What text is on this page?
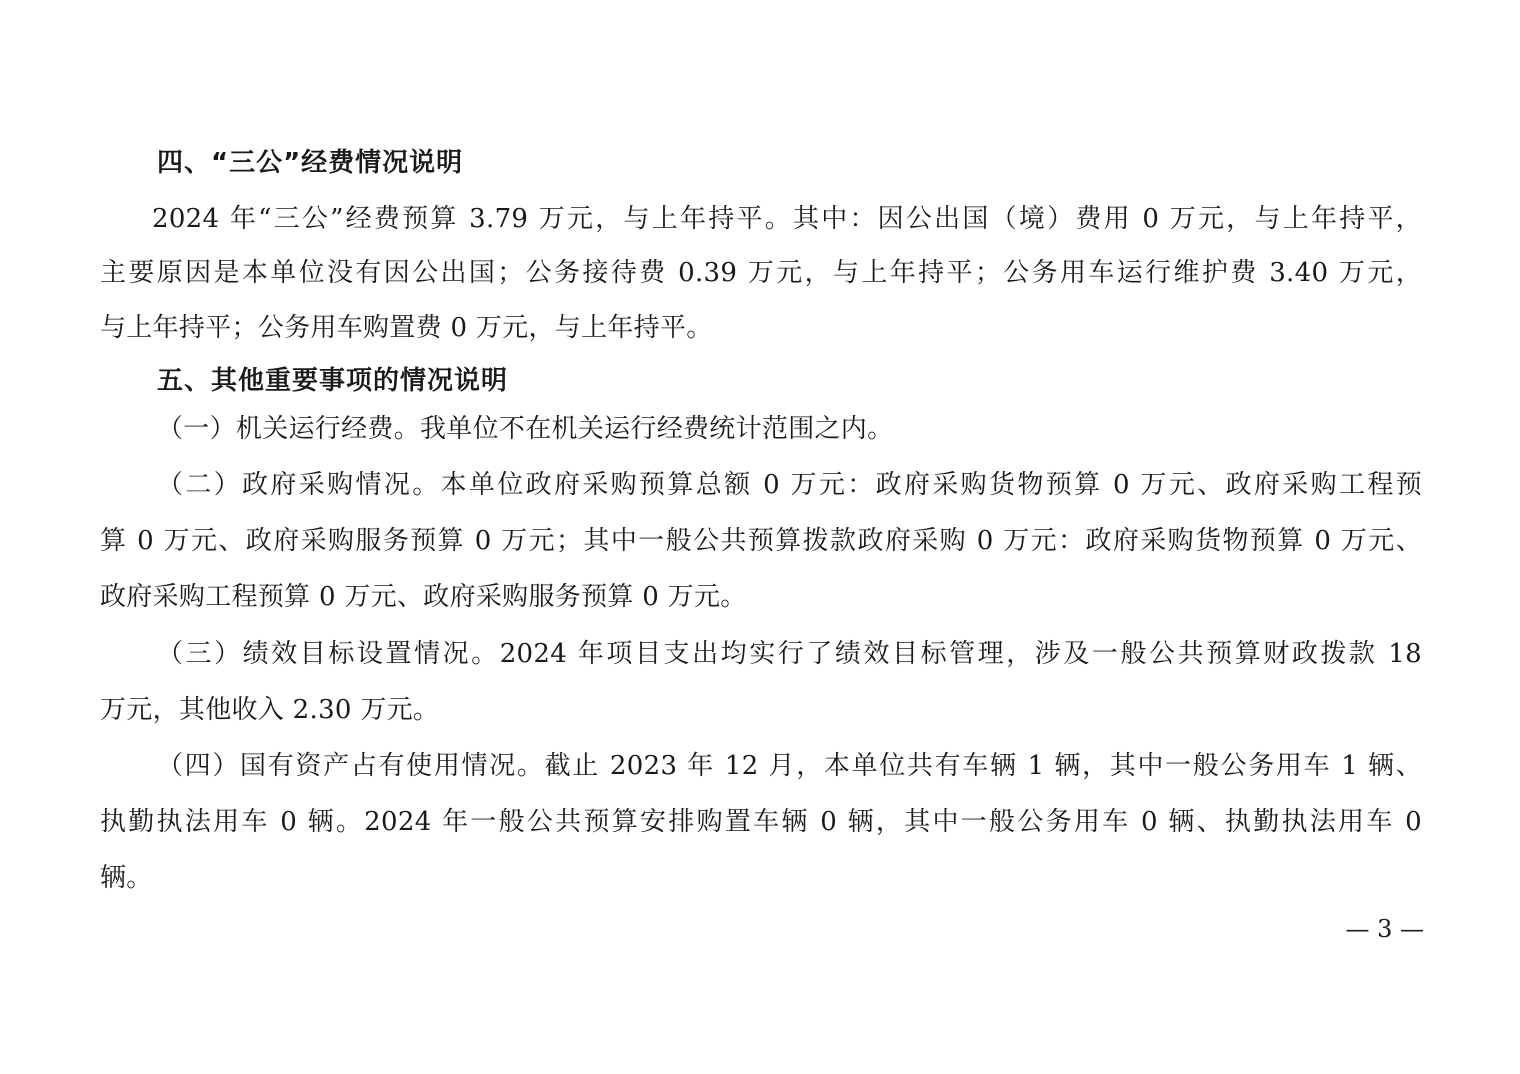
四、“三公”经费情况说明
2024 年“三公”经费预算 3.79 万元，与上年持平。其中：因公出国（境）费用 0 万元，与上年持平，
主要原因是本单位没有因公出国；公务接待费 0.39 万元，与上年持平；公务用车运行维护费 3.40 万元，
与上年持平；公务用车购置费 0 万元，与上年持平。
五、其他重要事项的情况说明
（一）机关运行经费。我单位不在机关运行经费统计范围之内。
（二）政府采购情况。本单位政府采购预算总额 0 万元：政府采购货物预算 0 万元、政府采购工程预
算 0 万元、政府采购服务预算 0 万元；其中一般公共预算拨款政府采购 0 万元：政府采购货物预算 0 万元、
政府采购工程预算 0 万元、政府采购服务预算 0 万元。
（三）绩效目标设置情况。2024 年项目支出均实行了绩效目标管理，涉及一般公共预算财政拨款 18
万元，其他收入 2.30 万元。
（四）国有资产占有使用情况。截止 2023 年 12 月，本单位共有车辆 1 辆，其中一般公务用车 1 辆、
执勤执法用车 0 辆。2024 年一般公共预算安排购置车辆 0 辆，其中一般公务用车 0 辆、执勤执法用车 0
辆。
— 3 —
